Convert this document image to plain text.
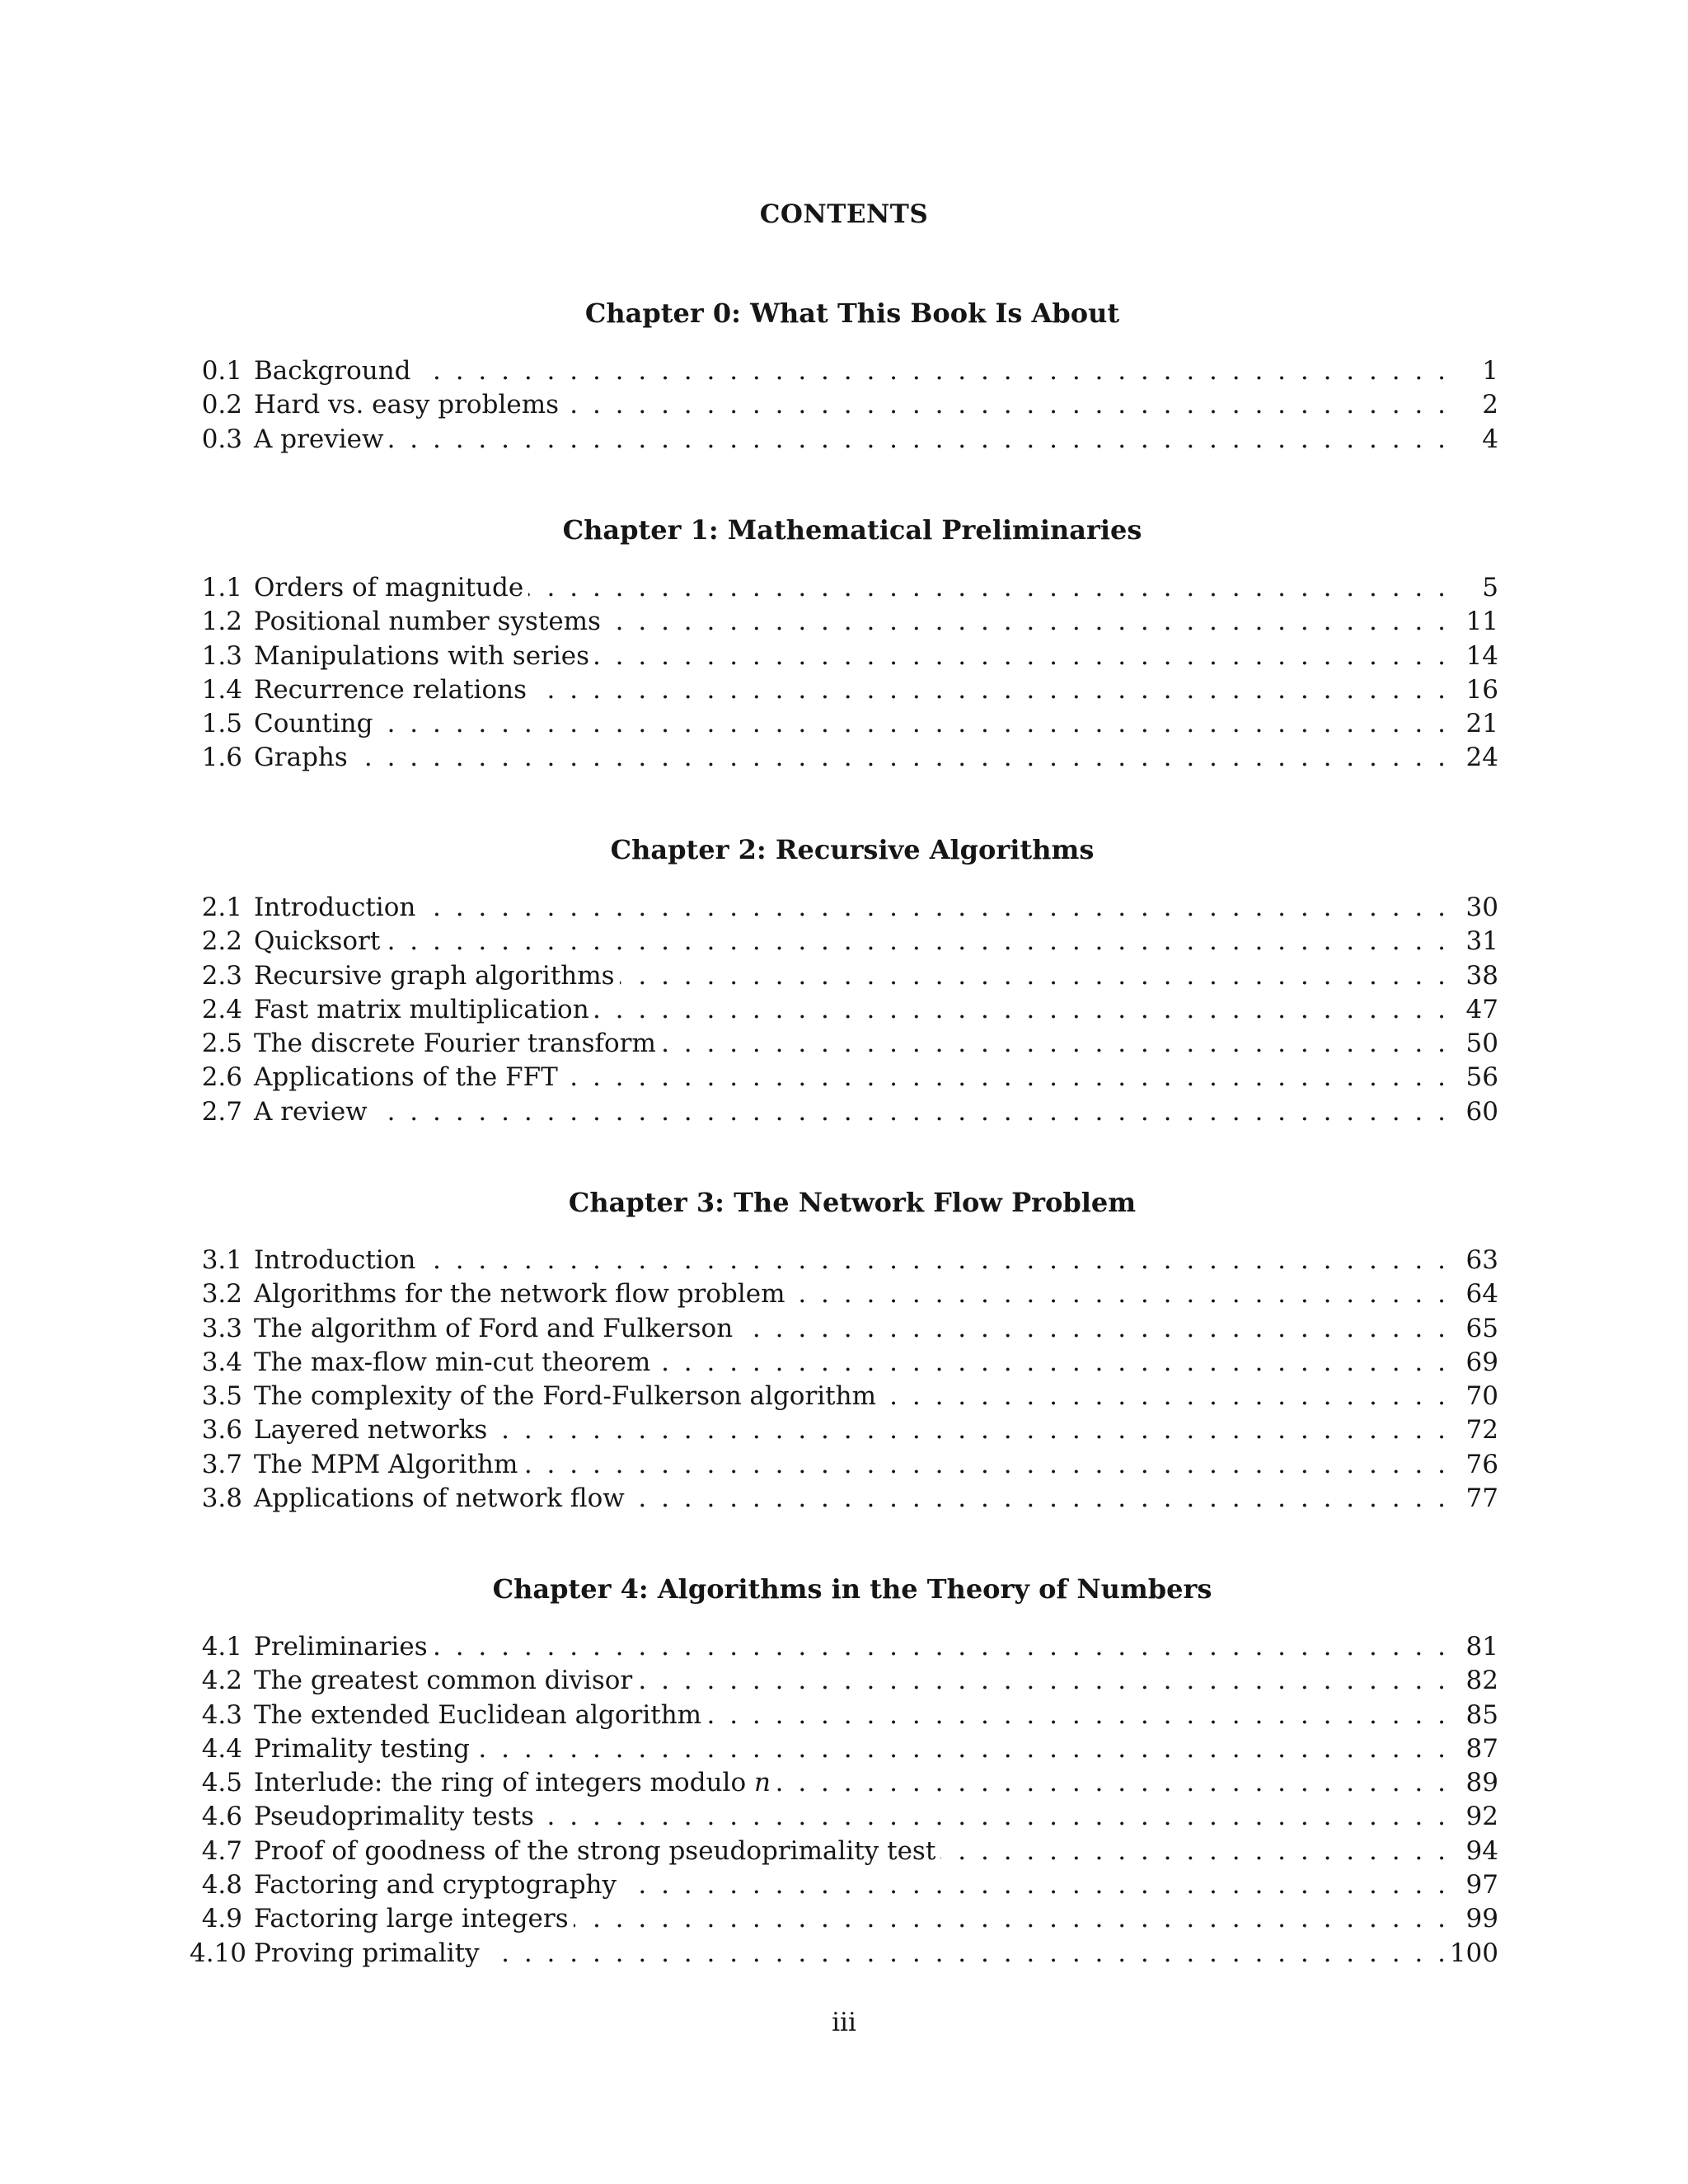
CONTENTS
Chapter 0: What This Book Is About
0.1 Background . . .	1
0.2 Hard vs. easy problems . . .	2
0.3 A preview . . .	4
Chapter 1: Mathematical Preliminaries
1.1 Orders of magnitude . . .	5
1.2 Positional number systems . . .	11
1.3 Manipulations with series . . .	14
1.4 Recurrence relations . . .	16
1.5 Counting . . .	21
1.6 Graphs . . .	24
Chapter 2: Recursive Algorithms
2.1 Introduction . . .	30
2.2 Quicksort . . .	31
2.3 Recursive graph algorithms . . .	38
2.4 Fast matrix multiplication . . .	47
2.5 The discrete Fourier transform . . .	50
2.6 Applications of the FFT . . .	56
2.7 A review . . .	60
Chapter 3: The Network Flow Problem
3.1 Introduction . . .	63
3.2 Algorithms for the network flow problem . . .	64
3.3 The algorithm of Ford and Fulkerson . . .	65
3.4 The max-flow min-cut theorem . . .	69
3.5 The complexity of the Ford-Fulkerson algorithm . . .	70
3.6 Layered networks . . .	72
3.7 The MPM Algorithm . . .	76
3.8 Applications of network flow . . .	77
Chapter 4: Algorithms in the Theory of Numbers
4.1 Preliminaries . . .	81
4.2 The greatest common divisor . . .	82
4.3 The extended Euclidean algorithm . . .	85
4.4 Primality testing . . .	87
4.5 Interlude: the ring of integers modulo n . . .	89
4.6 Pseudoprimality tests . . .	92
4.7 Proof of goodness of the strong pseudoprimality test . . .	94
4.8 Factoring and cryptography . . .	97
4.9 Factoring large integers . . .	99
4.10 Proving primality . . .	100
iii
